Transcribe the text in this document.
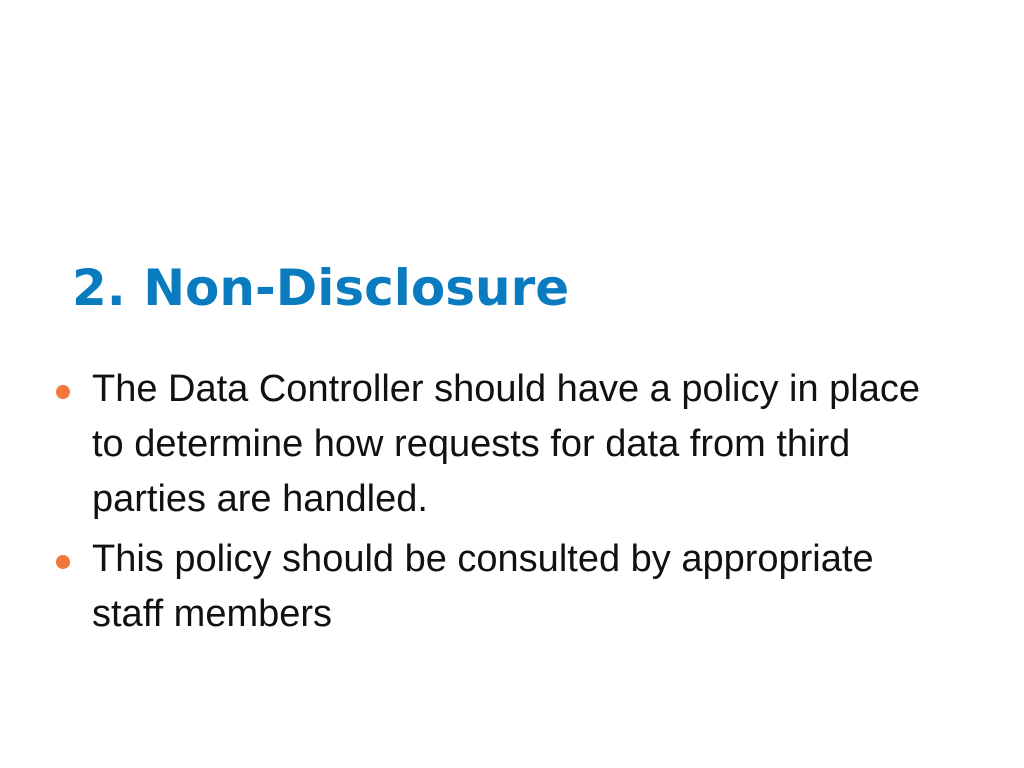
2. Non-Disclosure
The Data Controller should have a policy in place to determine how requests for data from third parties are handled.
This policy should be consulted by appropriate staff members
